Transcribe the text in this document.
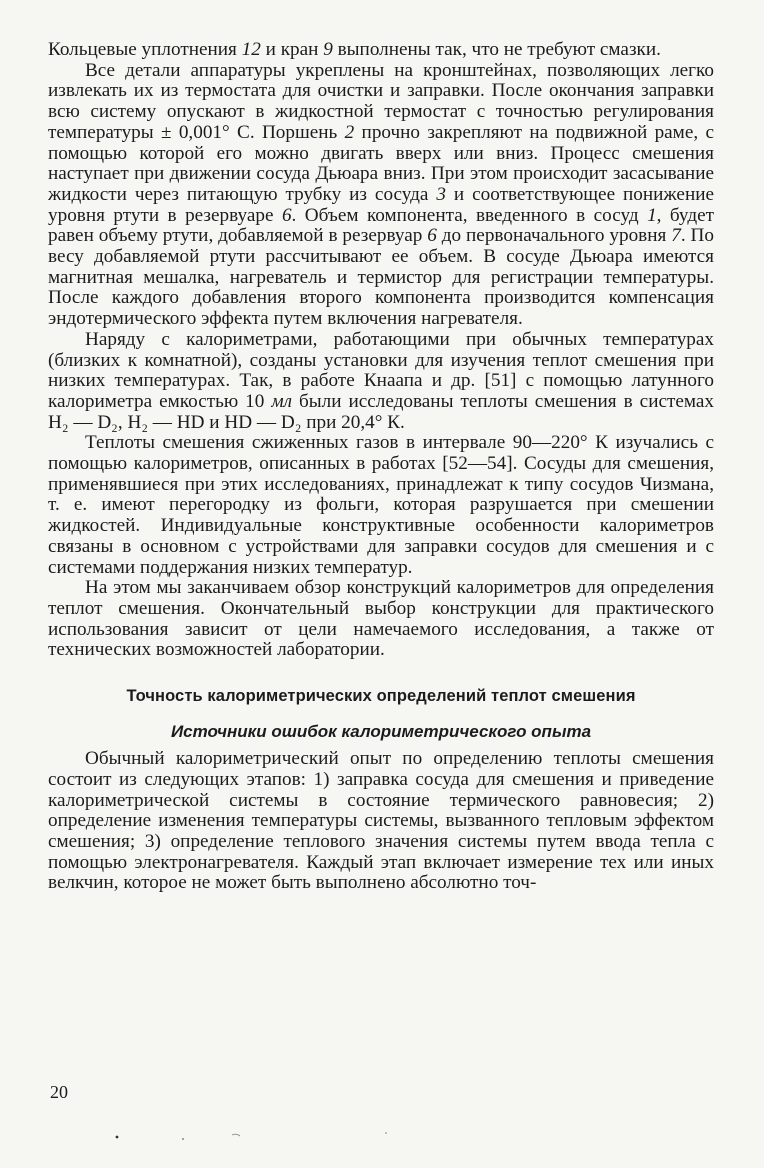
Кольцевые уплотнения 12 и кран 9 выполнены так, что не требуют смазки.

Все детали аппаратуры укреплены на кронштейнах, позволяющих легко извлекать их из термостата для очистки и заправки. После окончания заправки всю систему опускают в жидкостной термостат с точностью регулирования температуры ± 0,001° С. Поршень 2 прочно закрепляют на подвижной раме, с помощью которой его можно двигать вверх или вниз. Процесс смешения наступает при движении сосуда Дьюара вниз. При этом происходит засасывание жидкости через питающую трубку из сосуда 3 и соответствующее понижение уровня ртути в резервуаре 6. Объем компонента, введенного в сосуд 1, будет равен объему ртути, добавляемой в резервуар 6 до первоначального уровня 7. По весу добавляемой ртути рассчитывают ее объем. В сосуде Дьюара имеются магнитная мешалка, нагреватель и термистор для регистрации температуры. После каждого добавления второго компонента производится компенсация эндотермического эффекта путем включения нагревателя.

Наряду с калориметрами, работающими при обычных температурах (близких к комнатной), созданы установки для изучения теплот смешения при низких температурах. Так, в работе Кнаапа и др. [51] с помощью латунного калориметра емкостью 10 мл были исследованы теплоты смешения в системах H₂ — D₂, H₂ — HD и HD — D₂ при 20,4° К.

Теплоты смешения сжиженных газов в интервале 90—220° К изучались с помощью калориметров, описанных в работах [52—54]. Сосуды для смешения, применявшиеся при этих исследованиях, принадлежат к типу сосудов Чизмана, т. е. имеют перегородку из фольги, которая разрушается при смешении жидкостей. Индивидуальные конструктивные особенности калориметров связаны в основном с устройствами для заправки сосудов для смешения и с системами поддержания низких температур.

На этом мы заканчиваем обзор конструкций калориметров для определения теплот смешения. Окончательный выбор конструкции для практического использования зависит от цели намечаемого исследования, а также от технических возможностей лаборатории.

Точность калориметрических определений теплот смешения
Источники ошибок калориметрического опыта

Обычный калориметрический опыт по определению теплоты смешения состоит из следующих этапов: 1) заправка сосуда для смешения и приведение калориметрической системы в состояние термического равновесия; 2) определение изменения температуры системы, вызванного тепловым эффектом смешения; 3) определение теплового значения системы путем ввода тепла с помощью электронагревателя. Каждый этап включает измерение тех или иных велкчин, которое не может быть выполнено абсолютно точ-

20
